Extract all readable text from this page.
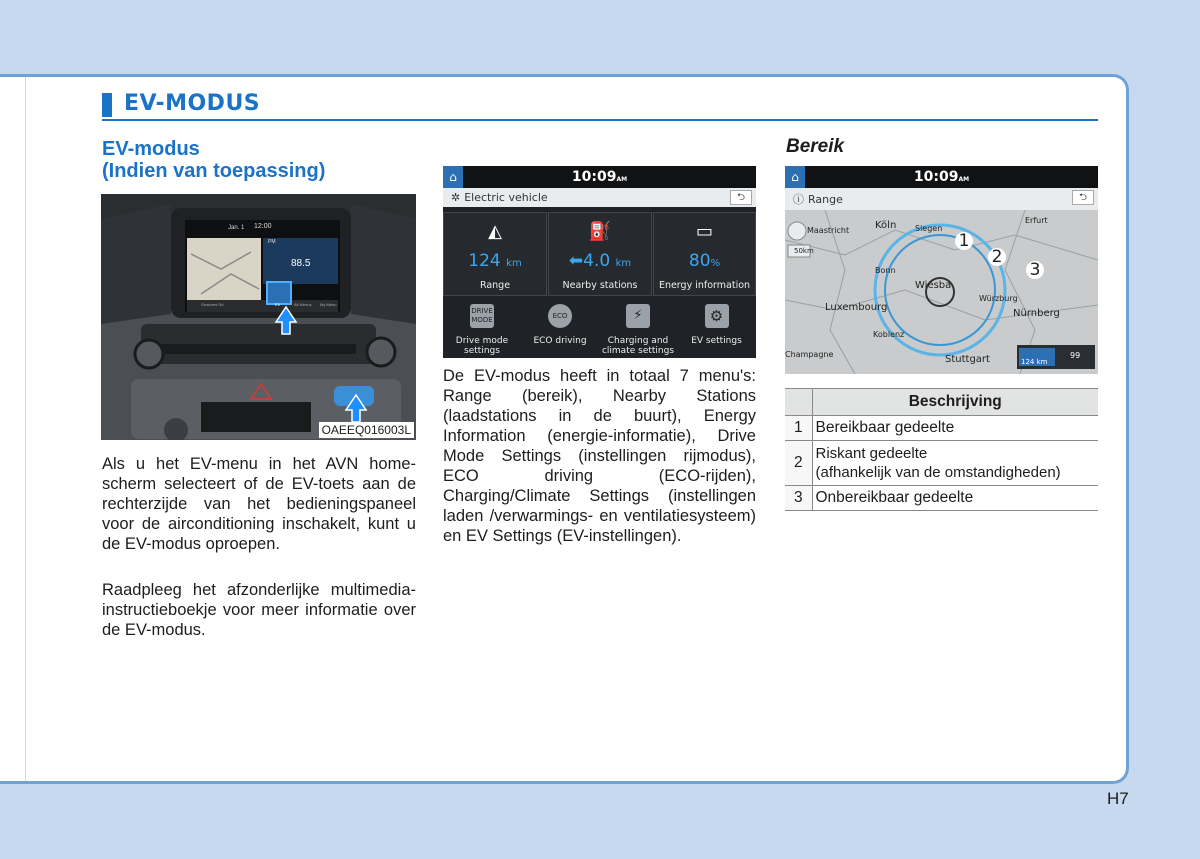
EV-MODUS
EV-modus
(Indien van toepassing)
Jan. 1 12:00
PM
88.5
Gestures Rd	EV	All Menus My Menu
OAEEQ016003L
Als u het EV-menu in het AVN home-scherm selecteert of de EV-toets aan de rechterzijde van het bedieningspaneel voor de airconditioning inschakelt, kunt u de EV-modus oproepen.
Raadpleeg het afzonderlijke multimedia-instructieboekje voor meer informatie over de EV-modus.
⌂	10:09AM
✲ Electric vehicle	⮌
◭
124 km
Range
⛽
⬅4.0 km
Nearby stations
▭
80%
Energy information
DRIVE MODE
Drive mode settings
ECO
ECO driving
⚡
Charging and climate settings
⚙
EV settings
De EV-modus heeft in totaal 7 menu's: Range (bereik), Nearby Stations (laadstations in de buurt), Energy Information (energie-informatie), Drive Mode Settings (instellingen rijmodus), ECO driving (ECO-rijden), Charging/Climate Settings (instellingen laden /verwarmings- en ventilatiesysteem) en EV Settings (EV-instellingen).
Bereik
⌂	10:09AM
ⓘ Range	⮌
50km
Köln Siegen
Erfurt
Luxembourg
Wiesba
Würzburg
Nürnberg
Stuttgart
Champagne
Maastricht
Bonn
Koblenz
1
2
3
124 km
99
	Beschrijving
1	Bereikbaar gedeelte
2	Riskant gedeelte
(afhankelijk van de omstandigheden)

3	Onbereikbaar gedeelte
H7
